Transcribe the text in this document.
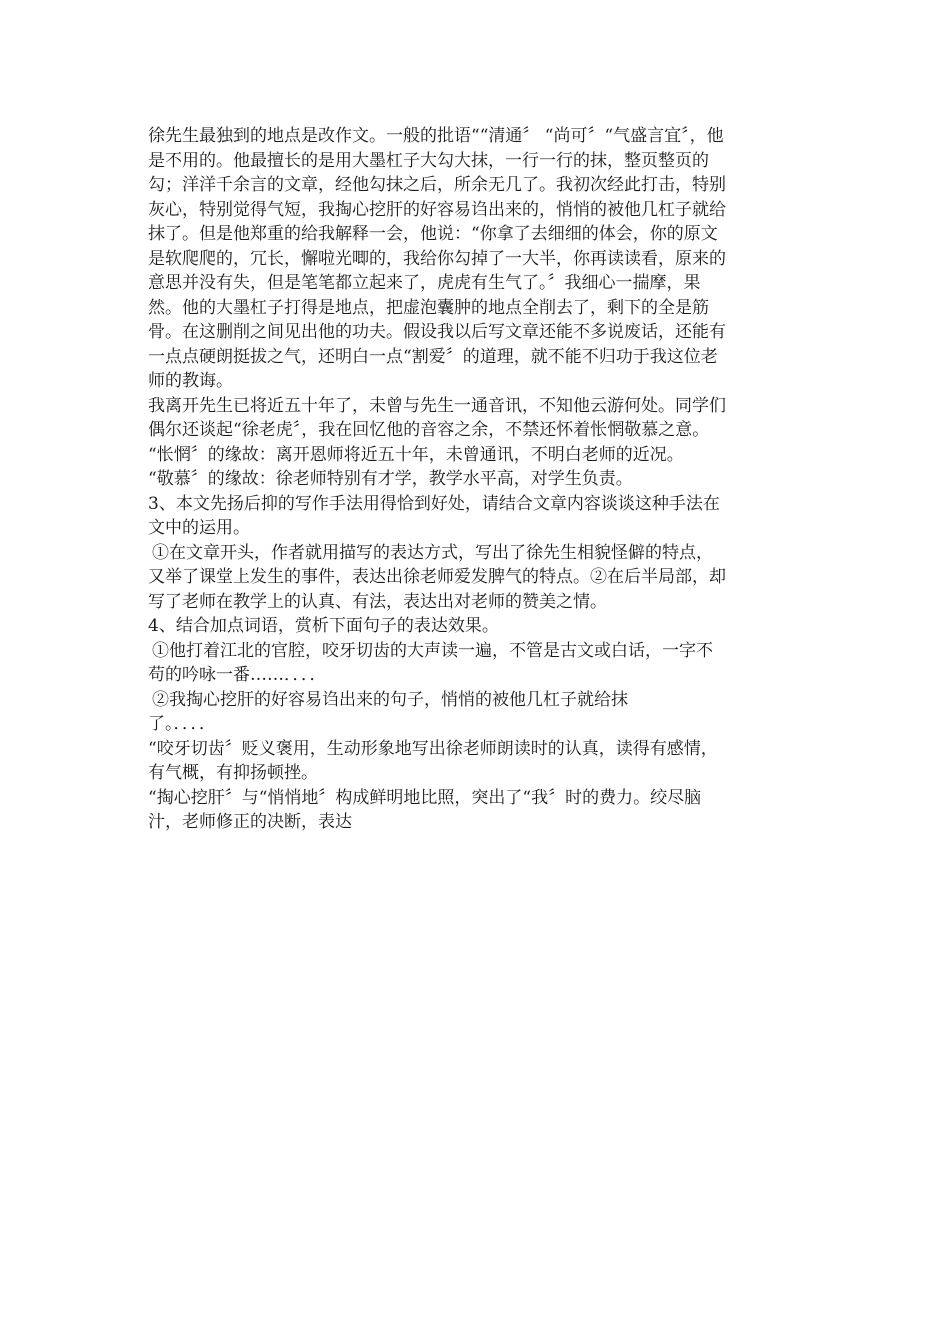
徐先生最独到的地点是改作文。一般的批语““清通〞 “尚可〞“气盛言宜〞，他
是不用的。他最擅长的是用大墨杠子大勾大抹，一行一行的抹，整页整页的
勾；洋洋千余言的文章，经他勾抹之后，所余无几了。我初次经此打击，特别
灰心，特别觉得气短，我掏心挖肝的好容易诌出来的，悄悄的被他几杠子就给
抹了。但是他郑重的给我解释一会，他说：“你拿了去细细的体会，你的原文
是软爬爬的，冗长，懈啦光唧的，我给你勾掉了一大半，你再读读看，原来的
意思并没有失，但是笔笔都立起来了，虎虎有生气了。〞我细心一揣摩，果
然。他的大墨杠子打得是地点，把虚泡囊肿的地点全削去了，剩下的全是筋
骨。在这删削之间见出他的功夫。假设我以后写文章还能不多说废话，还能有
一点点硬朗挺拔之气，还明白一点“割爱〞的道理，就不能不归功于我这位老
师的教诲。
我离开先生已将近五十年了，未曾与先生一通音讯，不知他云游何处。同学们
偶尔还谈起“徐老虎〞，我在回忆他的音容之余，不禁还怀着怅惘敬慕之意。
“怅惘〞的缘故：离开恩师将近五十年，未曾通讯，不明白老师的近况。
“敬慕〞的缘故：徐老师特别有才学，教学水平高，对学生负责。
3、本文先扬后抑的写作手法用得恰到好处，请结合文章内容谈谈这种手法在
文中的运用。
①在文章开头，作者就用描写的表达方式，写出了徐先生相貌怪僻的特点，
又举了课堂上发生的事件，表达出徐老师爱发脾气的特点。②在后半局部，却
写了老师在教学上的认真、有法，表达出对老师的赞美之情。
4、结合加点词语，赏析下面句子的表达效果。
①他打着江北的官腔，咬牙切齿的大声读一遍，不管是古文或白话，一字不
苟的吟咏一番……．．．．
②我掏心挖肝的好容易诌出来的句子，悄悄的被他几杠子就给抹
了。．．．．
“咬牙切齿〞贬义褒用，生动形象地写出徐老师朗读时的认真，读得有感情，
有气概，有抑扬顿挫。
“掏心挖肝〞与“悄悄地〞构成鲜明地比照，突出了“我〞时的费力。绞尽脑
汁，老师修正的决断，表达
